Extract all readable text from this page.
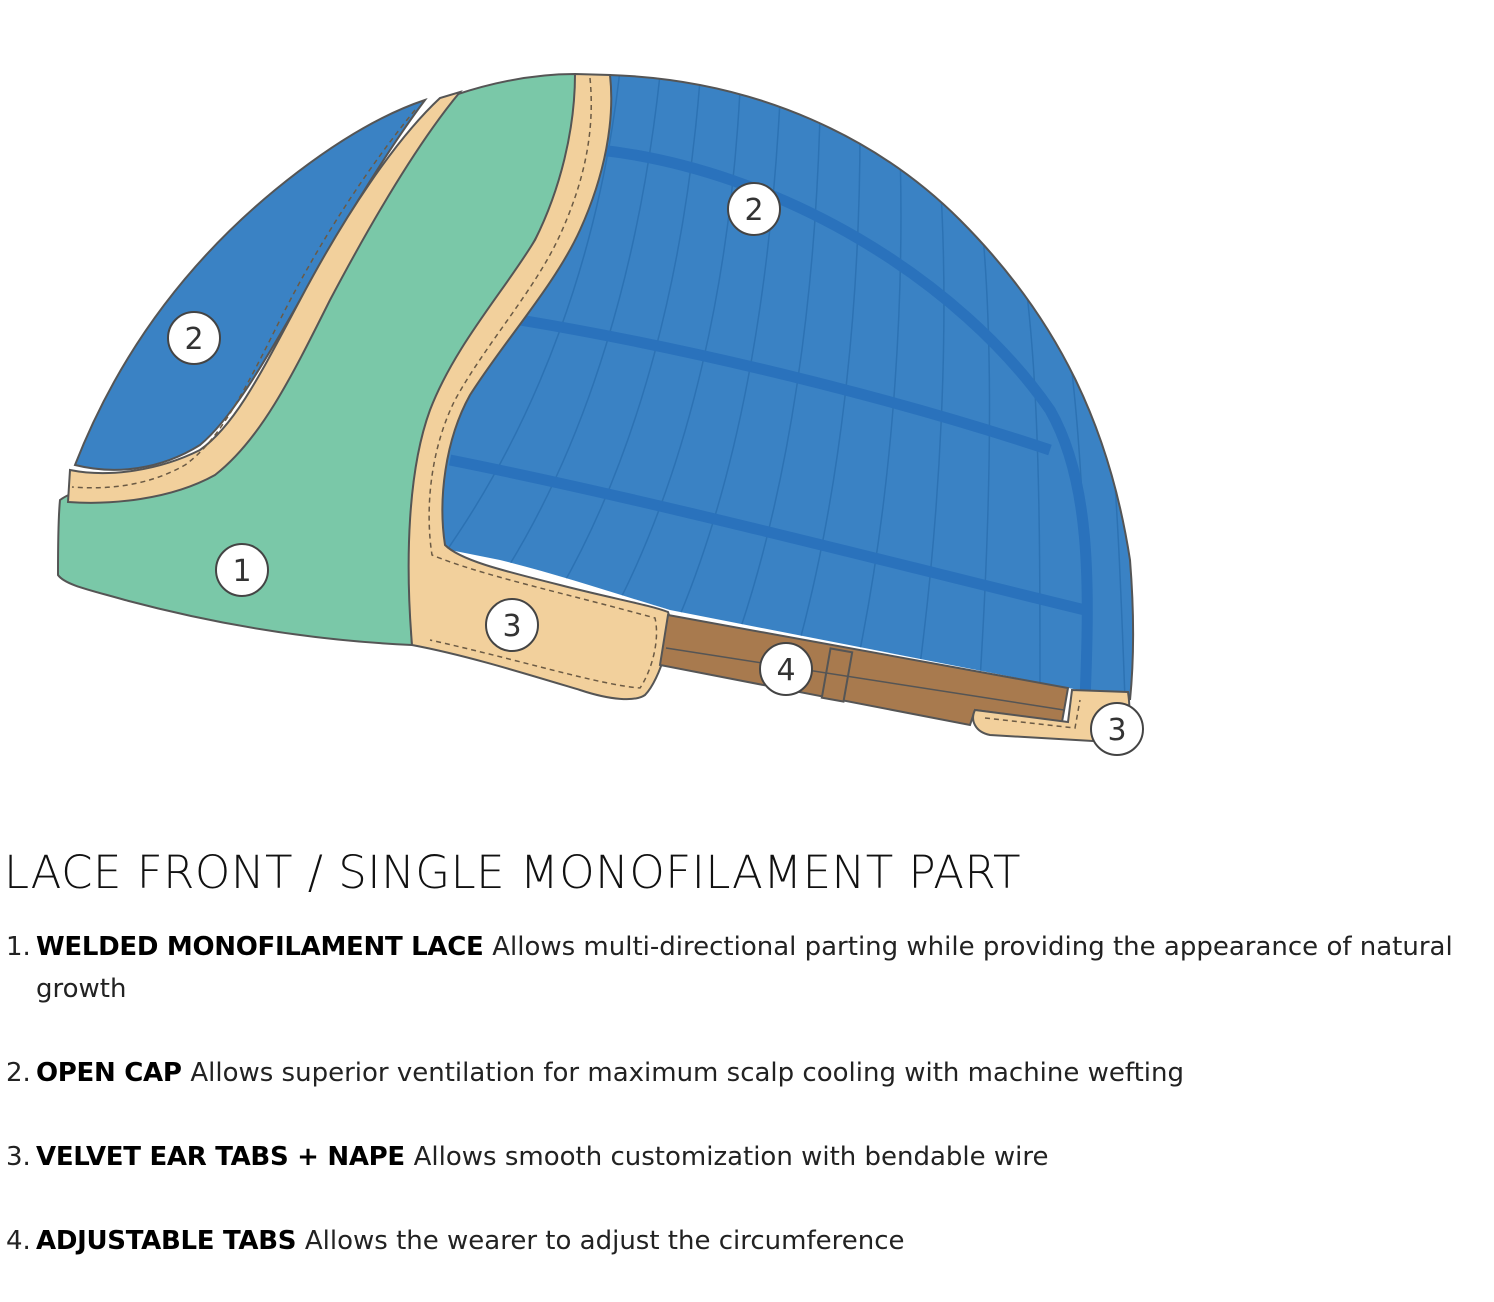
1
2
2
3
4
3
LACE FRONT / SINGLE MONOFILAMENT PART
1. WELDED MONOFILAMENT LACE Allows multi-directional parting while providing the appearance of natural growth
2. OPEN CAP Allows superior ventilation for maximum scalp cooling with machine wefting
3. VELVET EAR TABS + NAPE Allows smooth customization with bendable wire
4. ADJUSTABLE TABS Allows the wearer to adjust the circumference
